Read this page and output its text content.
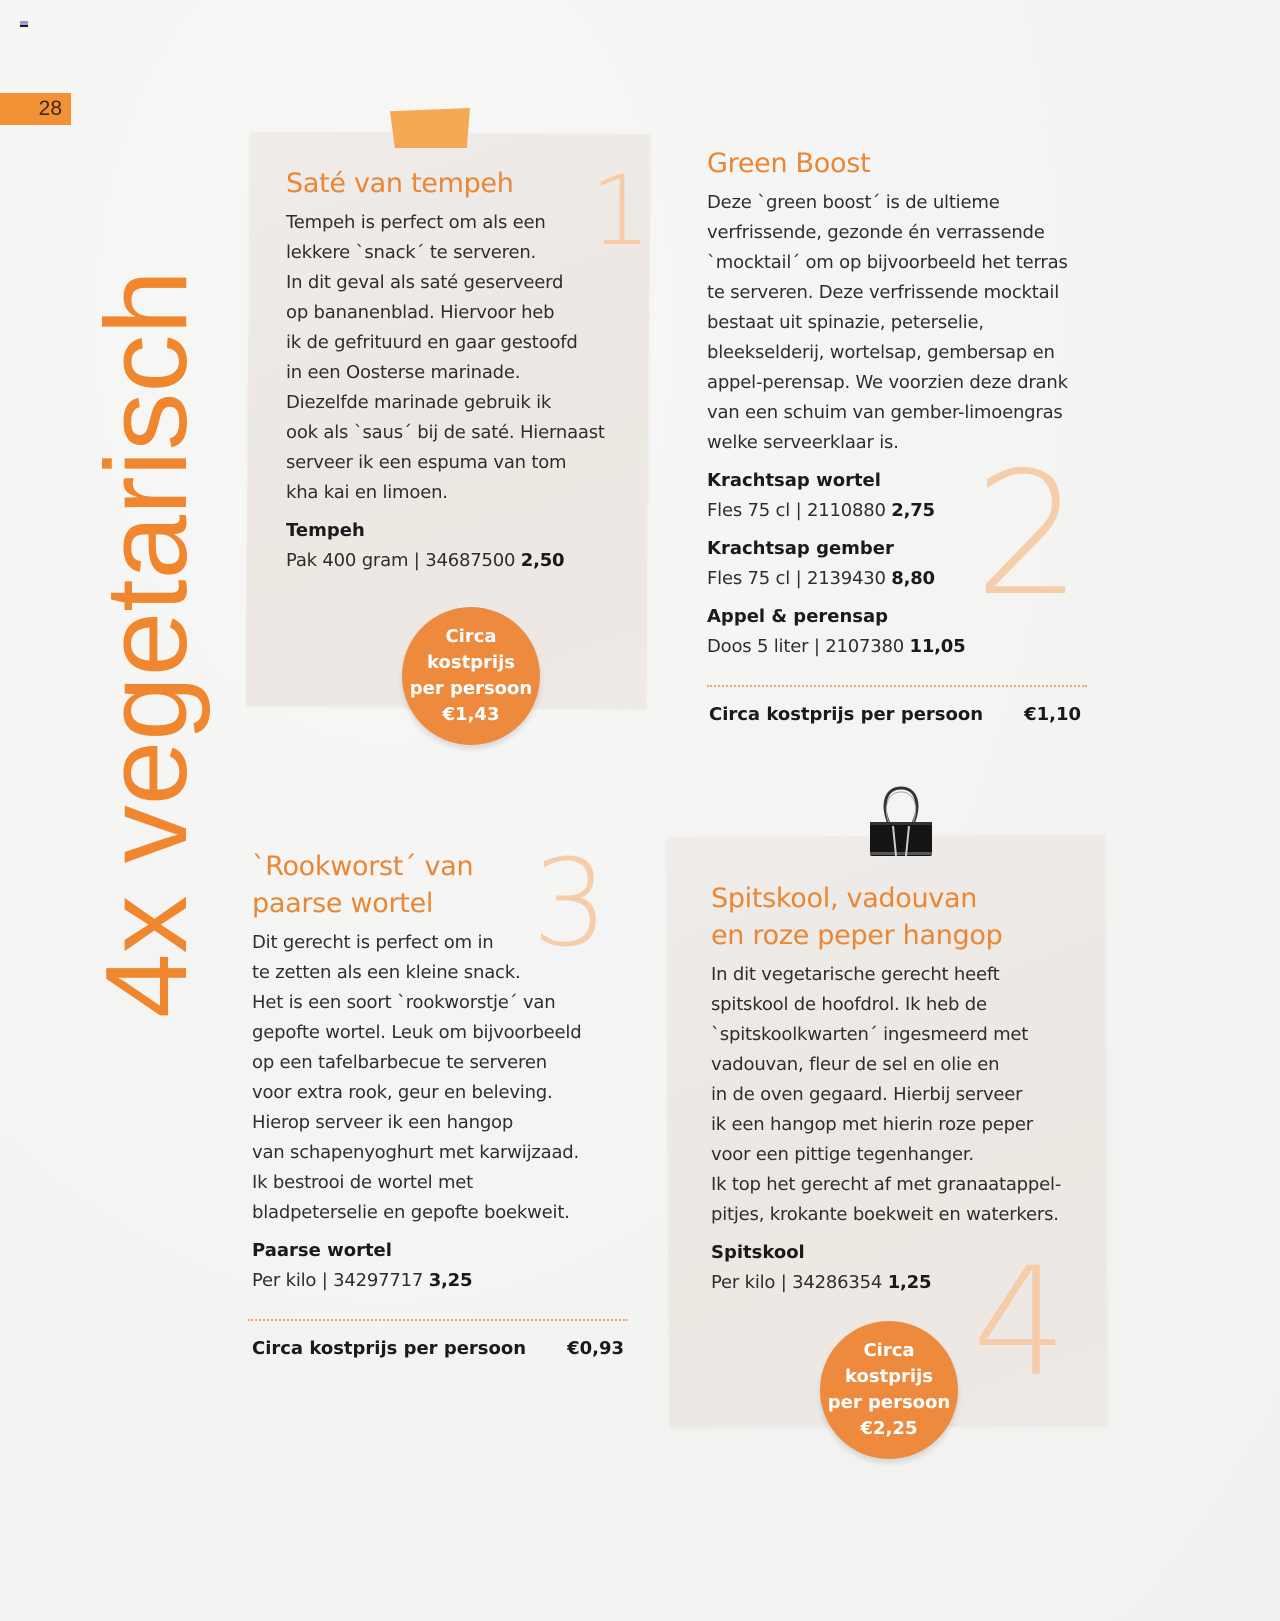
28
4x vegetarisch
1
2
3
4
Saté van tempeh
Tempeh is perfect om als een
lekkere `snack´ te serveren.
In dit geval als saté geserveerd
op bananenblad. Hiervoor heb
ik de gefrituurd en gaar gestoofd
in een Oosterse marinade.
Diezelfde marinade gebruik ik
ook als `saus´ bij de saté. Hiernaast
serveer ik een espuma van tom
kha kai en limoen.
Tempeh
Pak 400 gram | 34687500 2,50
Circa
kostprijs
per persoon
€1,43
Green Boost
Deze `green boost´ is de ultieme
verfrissende, gezonde én verrassende
`mocktail´ om op bijvoorbeeld het terras
te serveren. Deze verfrissende mocktail
bestaat uit spinazie, peterselie,
bleekselderij, wortelsap, gembersap en
appel-perensap. We voorzien deze drank
van een schuim van gember-limoengras
welke serveerklaar is.
Krachtsap wortel
Fles 75 cl | 2110880 2,75
Krachtsap gember
Fles 75 cl | 2139430 8,80
Appel & perensap
Doos 5 liter | 2107380 11,05
Circa kostprijs per persoon €1,10
`Rookworst´ van
paarse wortel
Dit gerecht is perfect om in
te zetten als een kleine snack.
Het is een soort `rookworstje´ van
gepofte wortel. Leuk om bijvoorbeeld
op een tafelbarbecue te serveren
voor extra rook, geur en beleving.
Hierop serveer ik een hangop
van schapenyoghurt met karwijzaad.
Ik bestrooi de wortel met
bladpeterselie en gepofte boekweit.
Paarse wortel
Per kilo | 34297717 3,25
Circa kostprijs per persoon €0,93
Spitskool, vadouvan
en roze peper hangop
In dit vegetarische gerecht heeft
spitskool de hoofdrol. Ik heb de
`spitskoolkwarten´ ingesmeerd met
vadouvan, fleur de sel en olie en
in de oven gegaard. Hierbij serveer
ik een hangop met hierin roze peper
voor een pittige tegenhanger.
Ik top het gerecht af met granaatappel-
pitjes, krokante boekweit en waterkers.
Spitskool
Per kilo | 34286354 1,25
Circa
kostprijs
per persoon
€2,25
